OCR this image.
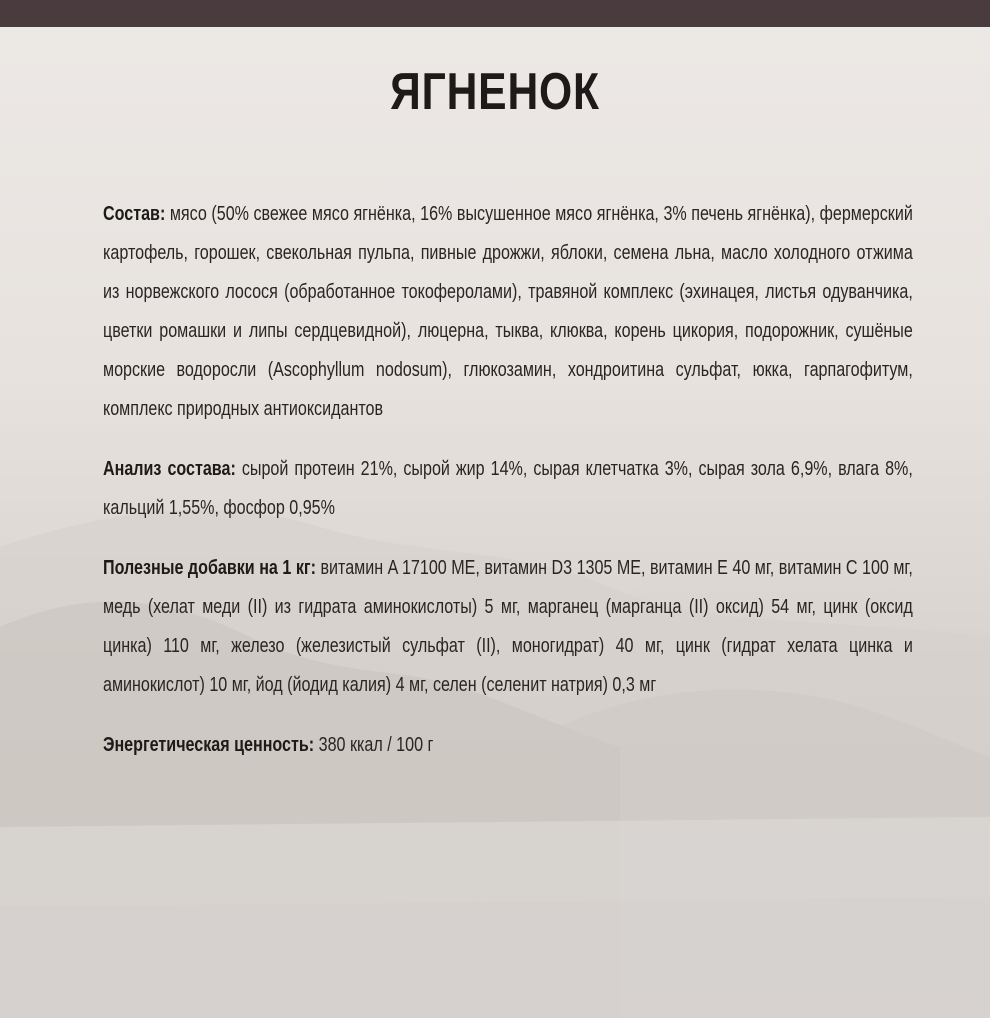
ЯГНЕНОК

Состав: мясо (50% свежее мясо ягнёнка, 16% высушенное мясо ягнёнка, 3% печень ягнёнка), фермерский картофель, горошек, свекольная пульпа, пивные дрожжи, яблоки, семена льна, масло холодного отжима из норвежского лосося (обработанное токоферолами), травяной комплекс (эхинацея, листья одуванчика, цветки ромашки и липы сердцевидной), люцерна, тыква, клюква, корень цикория, подорожник, сушёные морские водоросли (Ascophyllum nodosum), глюкозамин, хондроитина сульфат, юкка, гарпагофитум, комплекс природных антиоксидантов

Анализ состава: сырой протеин 21%, сырой жир 14%, сырая клетчатка 3%, сырая зола 6,9%, влага 8%, кальций 1,55%, фосфор 0,95%

Полезные добавки на 1 кг: витамин A 17100 МЕ, витамин D3 1305 МЕ, витамин Е 40 мг, витамин С 100 мг, медь (хелат меди (II) из гидрата аминокислоты) 5 мг, марганец (марганца (II) оксид) 54 мг, цинк (оксид цинка) 110 мг, железо (железистый сульфат (II), моногидрат) 40 мг, цинк (гидрат хелата цинка и аминокислот) 10 мг, йод (йодид калия) 4 мг, селен (селенит натрия) 0,3 мг

Энергетическая ценность: 380 ккал / 100 г
